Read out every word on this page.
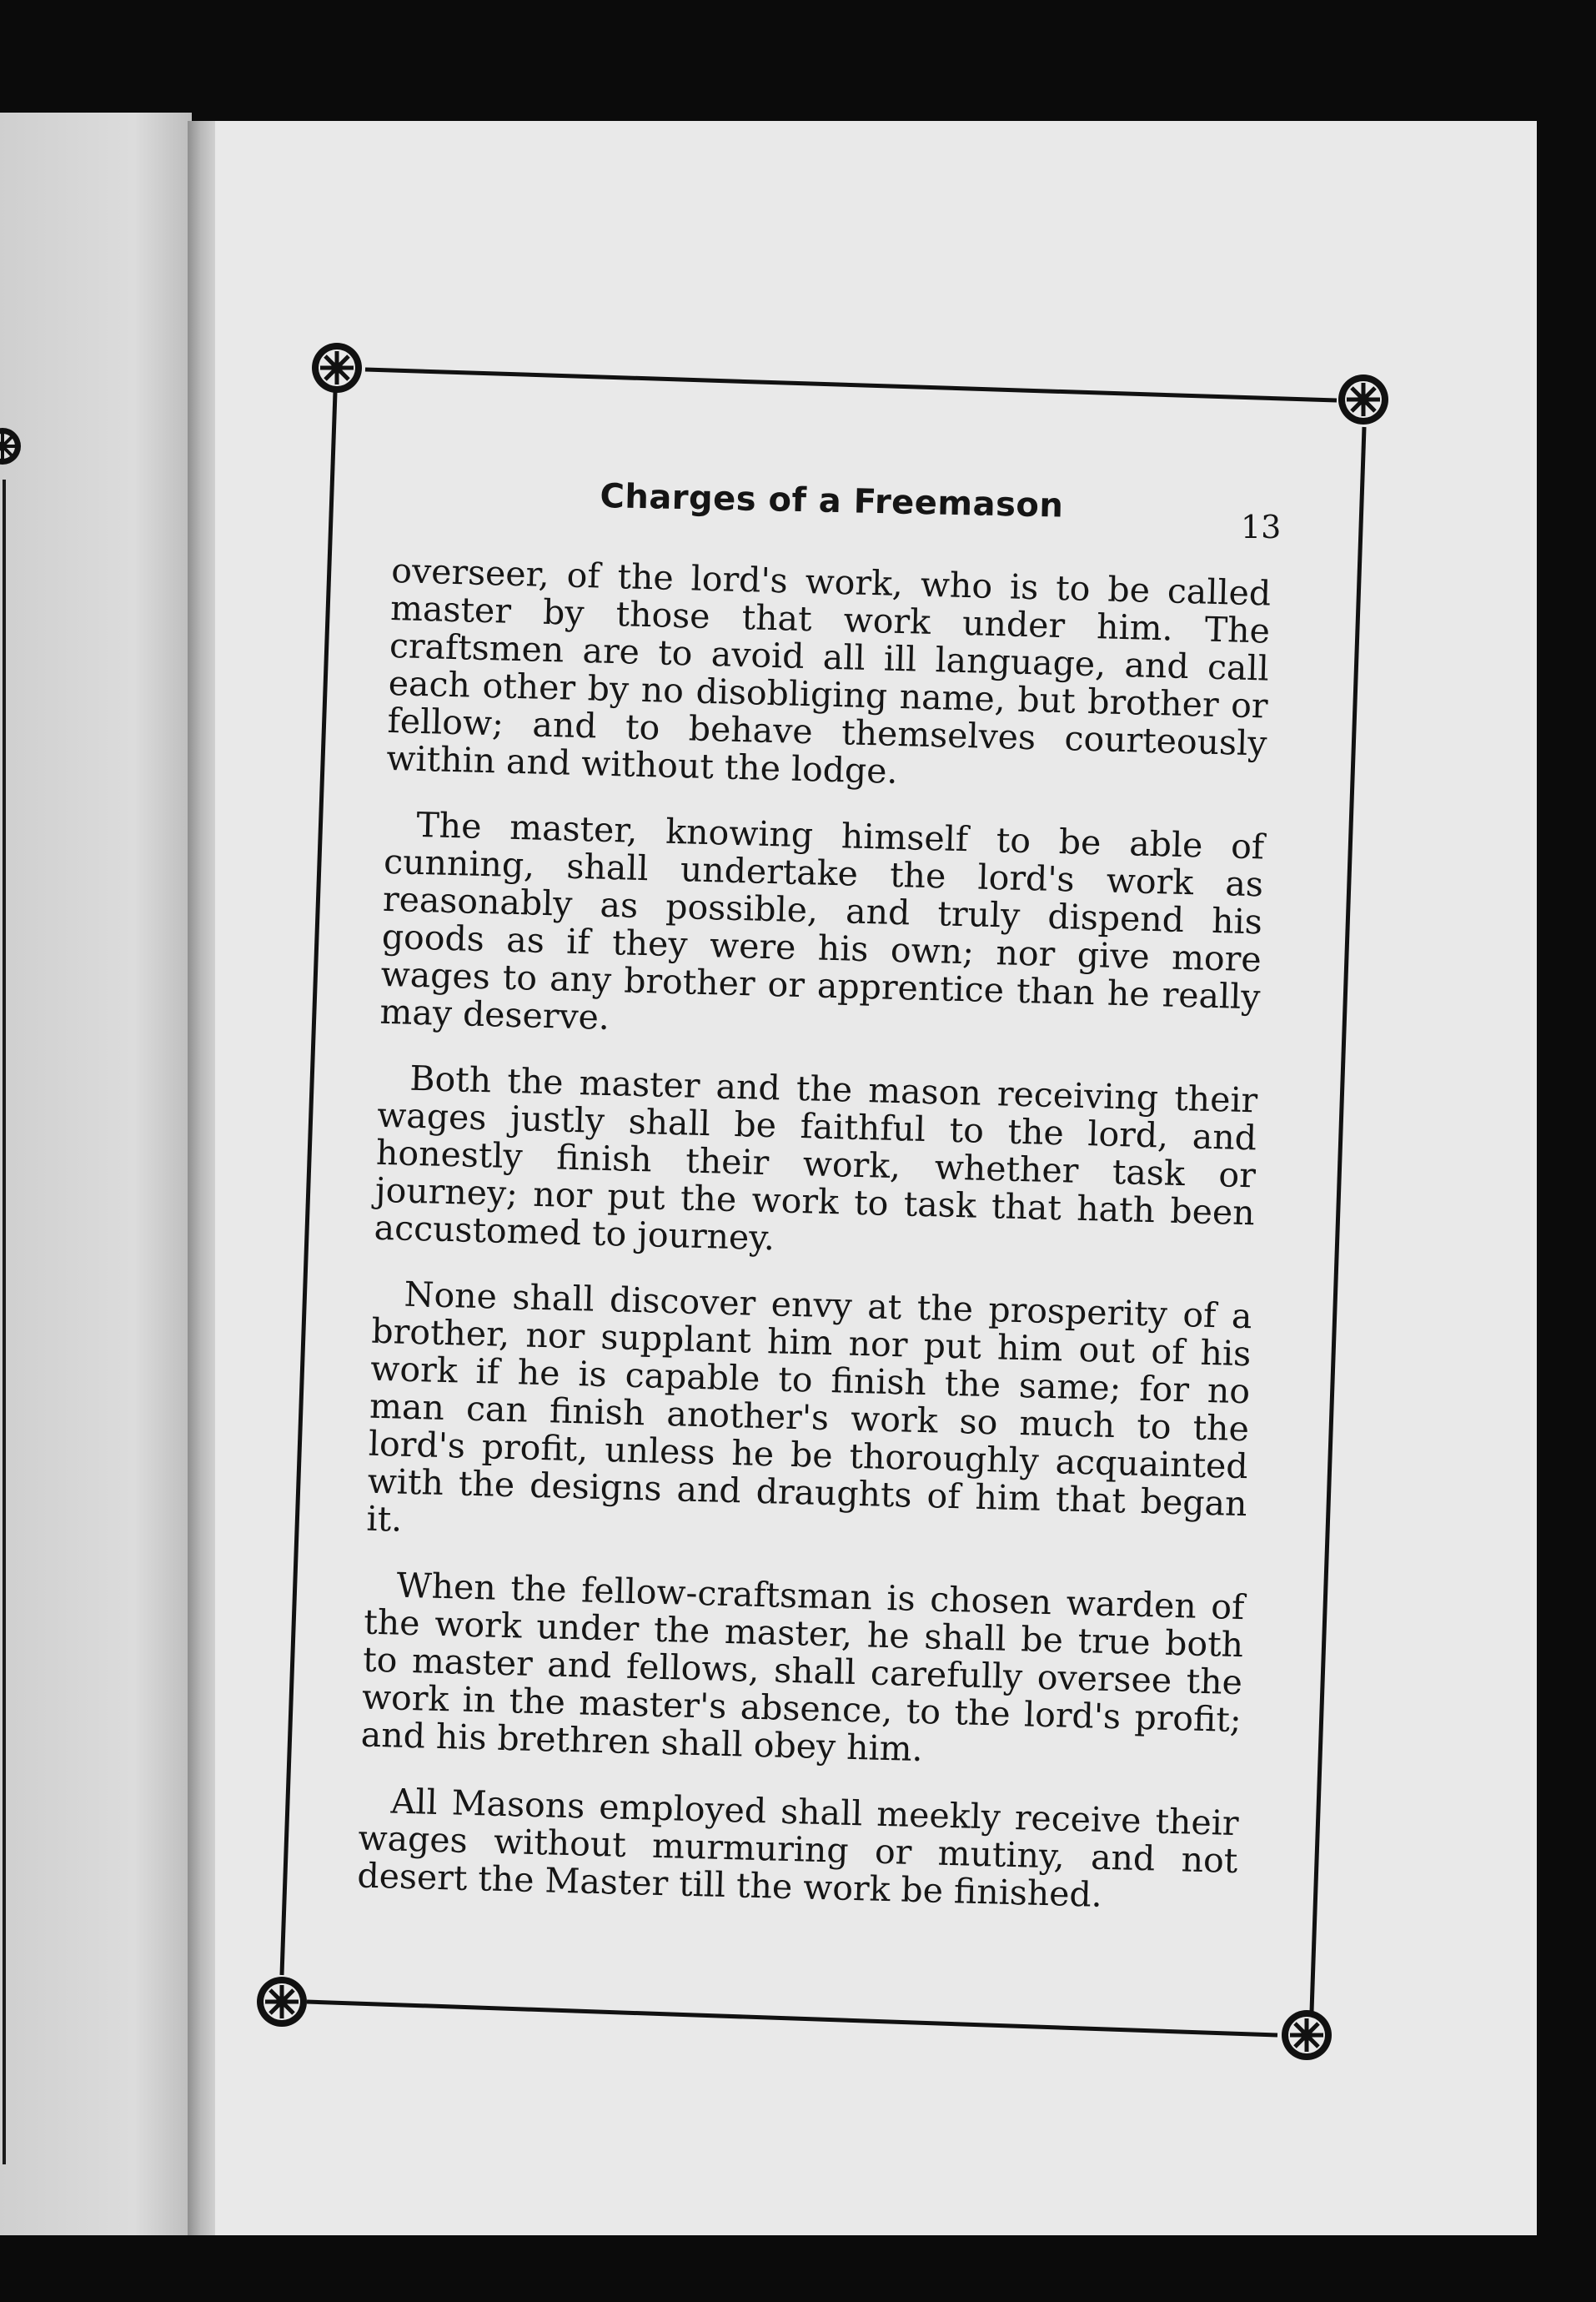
Charges of a Freemason
13

overseer, of the lord's work, who is to be called master by those that work under him. The craftsmen are to avoid all ill language, and call each other by no disobliging name, but brother or fellow; and to behave themselves courteously within and without the lodge.

The master, knowing himself to be able of cunning, shall undertake the lord's work as reasonably as possible, and truly dispend his goods as if they were his own; nor give more wages to any brother or apprentice than he really may deserve.

Both the master and the mason receiving their wages justly shall be faithful to the lord, and honestly finish their work, whether task or journey; nor put the work to task that hath been accustomed to journey.

None shall discover envy at the prosperity of a brother, nor supplant him nor put him out of his work if he is capable to finish the same; for no man can finish another's work so much to the lord's profit, unless he be thoroughly acquainted with the designs and draughts of him that began it.

When the fellow-craftsman is chosen warden of the work under the master, he shall be true both to master and fellows, shall carefully oversee the work in the master's absence, to the lord's profit; and his brethren shall obey him.

All Masons employed shall meekly receive their wages without murmuring or mutiny, and not desert the Master till the work be finished.
